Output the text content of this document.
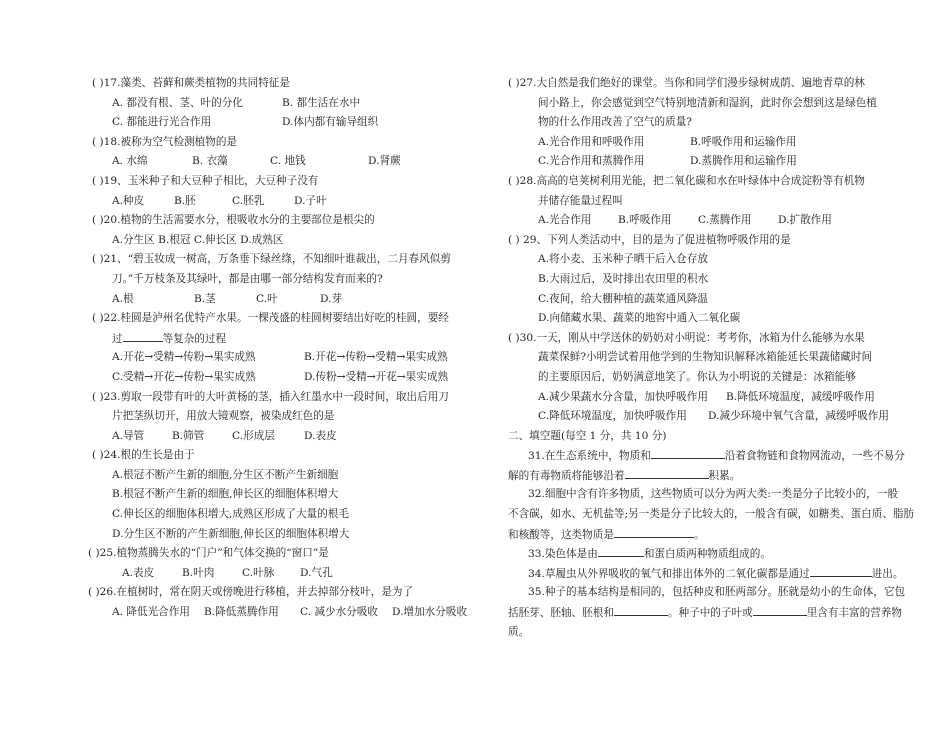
( )17.藻类、苔藓和蕨类植物的共同特征是
A. 都没有根、茎、叶的分化	B. 都生活在水中
C. 都能进行光合作用	D.体内都有输导组织
( )18.被称为空气检测植物的是
A. 水绵	B. 衣藻	C. 地钱	D.肾蕨
( )19、玉米种子和大豆种子相比，大豆种子没有
A.种皮	B.胚	C.胚乳	D.子叶
( )20.植物的生活需要水分，根吸收水分的主要部位是根尖的
A.分生区 B.根冠 C.伸长区 D.成熟区
( )21、“碧玉妆成一树高，万条垂下绿丝绦，不知细叶谁裁出，二月春风似剪
刀。”千万枝条及其绿叶，都是由哪一部分结构发育而来的?
A.根	B.茎	C.叶	D.芽
( )22.桂圆是泸州名优特产水果。一棵茂盛的桂圆树要结出好吃的桂圆，要经
过	等复杂的过程
A.开花→受精→传粉→果实成熟	B.开花→传粉→受精→果实成熟
C.受精→开花→传粉→果实成熟	D.传粉→受精→开花→果实成熟
( )23.剪取一段带有叶的大叶黄杨的茎，插入红墨水中一段时间，取出后用刀
片把茎纵切开，用放大镜观察，被染成红色的是
A.导管	B.筛管	C.形成层	D.表皮
( )24.根的生长是由于
A.根冠不断产生新的细胞,分生区不断产生新细胞
B.根冠不断产生新的细胞,伸长区的细胞体积增大
C.伸长区的细胞体积增大,成熟区形成了大量的根毛
D.分生区不断的产生新细胞,伸长区的细胞体积增大
( )25.植物蒸腾失水的“门户”和气体交换的“窗口”是
A.表皮	B.叶肉	C.叶脉	D.气孔
( )26.在植树时，常在阴天或傍晚进行移植，并去掉部分枝叶，是为了
A. 降低光合作用	B.降低蒸腾作用	C. 减少水分吸收	D.增加水分吸收
( )27.大自然是我们绝好的课堂。当你和同学们漫步绿树成荫、遍地青草的林
间小路上，你会感觉到空气特别地清新和湿润，此时你会想到这是绿色植
物的什么作用改善了空气的质量?
A.光合作用和呼吸作用	B.呼吸作用和运输作用
C.光合作用和蒸腾作用	D.蒸腾作用和运输作用
( )28.高高的皂荚树利用光能，把二氧化碳和水在叶绿体中合成淀粉等有机物
并储存能量过程叫
A.光合作用	B.呼吸作用	C.蒸腾作用	D.扩散作用
( ) 29、下列人类活动中，目的是为了促进植物呼吸作用的是
A.将小麦、玉米种子晒干后入仓存放
B.大雨过后，及时排出农田里的积水
C.夜间，给大棚种植的蔬菜通风降温
D.向储藏水果、蔬菜的地窖中通入二氧化碳
( )30.一天，刚从中学送休的奶奶对小明说：考考你，冰箱为什么能够为水果
蔬菜保鲜?小明尝试着用他学到的生物知识解释冰箱能延长果蔬储藏时间
的主要原因后，奶奶满意地笑了。你认为小明说的关键是：冰箱能够
A.减少果蔬水分含量，加快呼吸作用	B.降低环境温度，减缓呼吸作用
C.降低环境温度，加快呼吸作用	D.减少环境中氧气含量，减缓呼吸作用
二、填空题(每空 1 分，共 10 分)
31.在生态系统中，物质和	沿着食物链和食物网流动，一些不易分
解的有毒物质将能够沿着	积累。
32.细胞中含有许多物质，这些物质可以分为两大类:一类是分子比较小的，一般
不含碳，如水、无机盐等;另一类是分子比较大的，一般含有碳，如糖类、蛋白质、脂肪
和核酸等，这类物质是	。
33.染色体是由	和蛋白质两种物质组成的。
34.草履虫从外界吸收的氧气和排出体外的二氧化碳都是通过	进出。
35.种子的基本结构是相同的，包括种皮和胚两部分。胚就是幼小的生命体，它包
括胚芽、胚轴、胚根和	。种子中的子叶或	里含有丰富的营养物
质。
